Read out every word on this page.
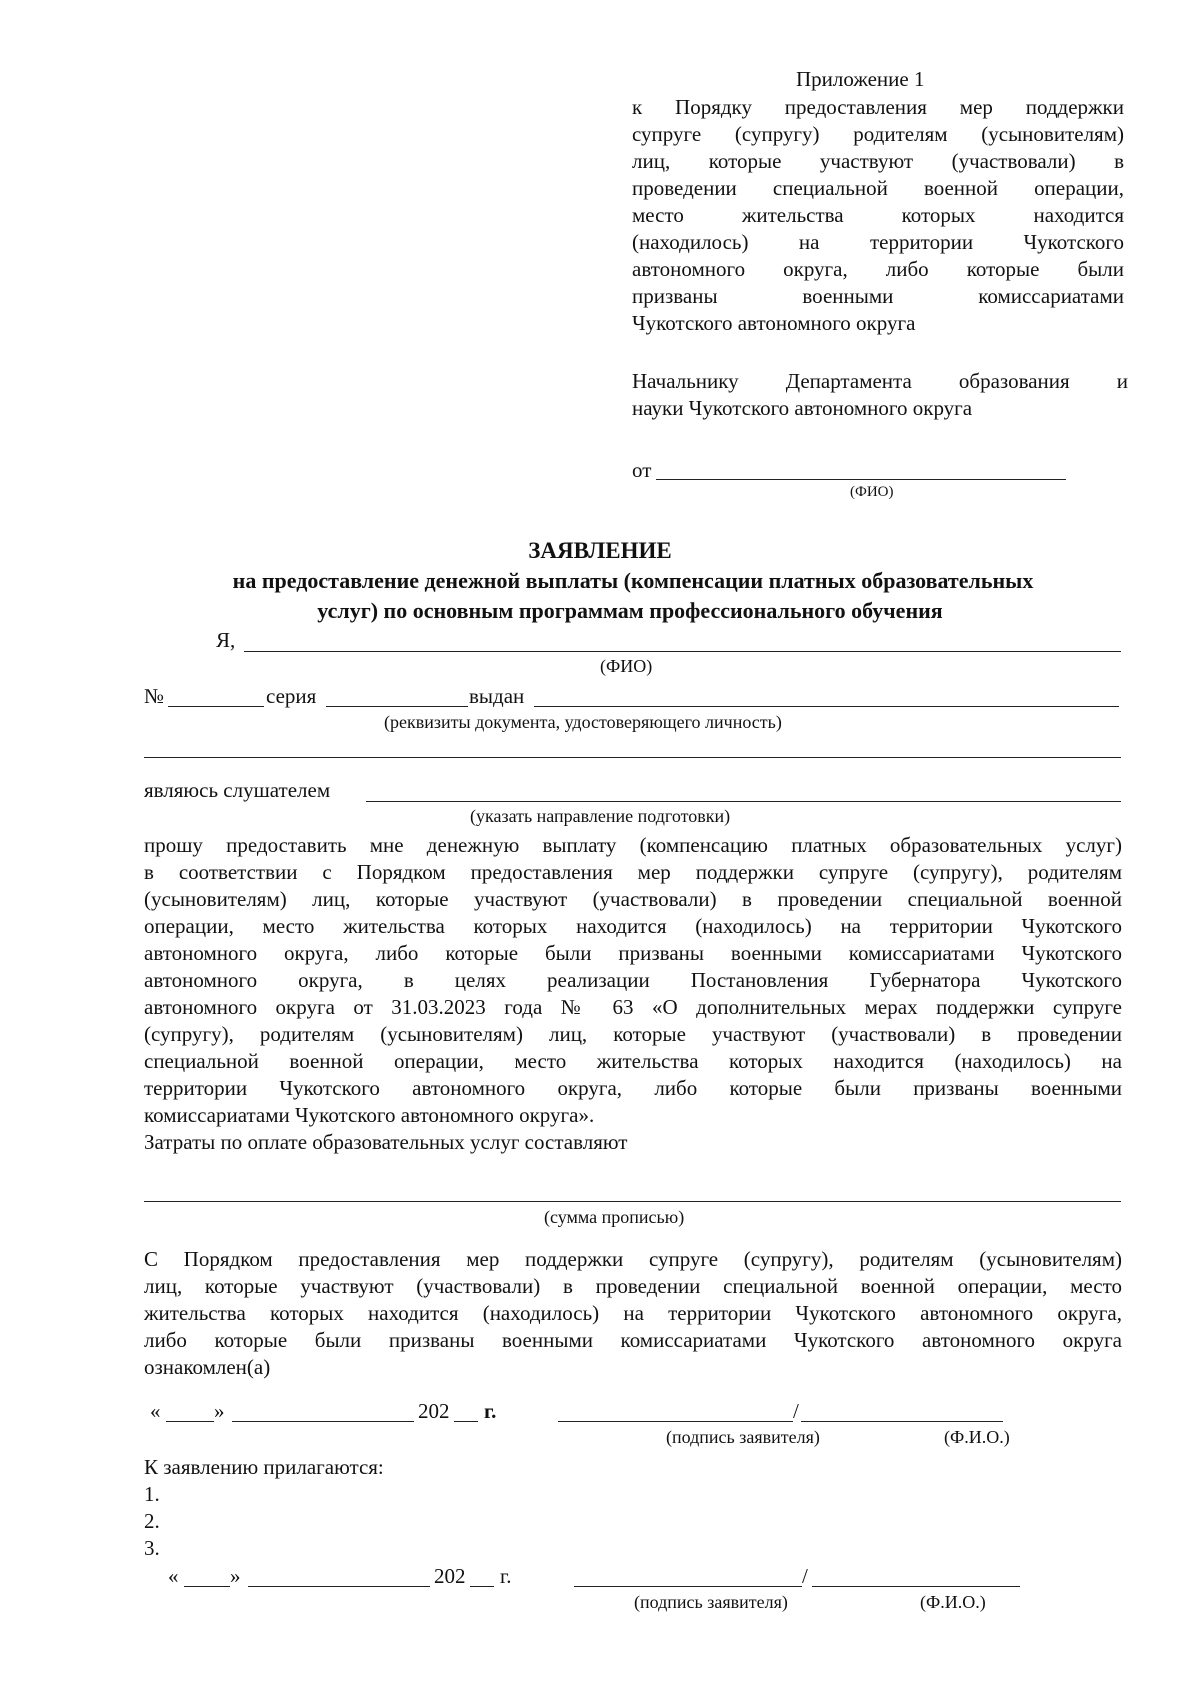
Приложение 1
к Порядку предоставления мер поддержки
супруге (супругу) родителям (усыновителям)
лиц, которые участвуют (участвовали) в
проведении специальной военной операции,
место жительства которых находится
(находилось) на территории Чукотского
автономного округа, либо которые были
призваны военными комиссариатами
Чукотского автономного округа
Начальнику Департамента образования и
науки Чукотского автономного округа
от
(ФИО)
ЗАЯВЛЕНИЕ
на предоставление денежной выплаты (компенсации платных образовательных
услуг) по основным программам профессионального обучения
Я,
(ФИО)
№	серия	выдан
(реквизиты документа, удостоверяющего личность)
являюсь слушателем
(указать направление подготовки)
прошу предоставить мне денежную выплату (компенсацию платных образовательных услуг)
в соответствии с Порядком предоставления мер поддержки супруге (супругу), родителям
(усыновителям) лиц, которые участвуют (участвовали) в проведении специальной военной
операции, место жительства которых находится (находилось) на территории Чукотского
автономного округа, либо которые были призваны военными комиссариатами Чукотского
автономного округа, в целях реализации Постановления Губернатора Чукотского
автономного округа от 31.03.2023 года № 63 «О дополнительных мерах поддержки супруге
(супругу), родителям (усыновителям) лиц, которые участвуют (участвовали) в проведении
специальной военной операции, место жительства которых находится (находилось) на
территории Чукотского автономного округа, либо которые были призваны военными
комиссариатами Чукотского автономного округа».
Затраты по оплате образовательных услуг составляют
(сумма прописью)
С Порядком предоставления мер поддержки супруге (супругу), родителям (усыновителям)
лиц, которые участвуют (участвовали) в проведении специальной военной операции, место
жительства которых находится (находилось) на территории Чукотского автономного округа,
либо которые были призваны военными комиссариатами Чукотского автономного округа
ознакомлен(а)
«	»	202 г.	/
(подпись заявителя)	(Ф.И.О.)
К заявлению прилагаются:
1.
2.
3.
« »	202 г.	/
(подпись заявителя)	(Ф.И.О.)
